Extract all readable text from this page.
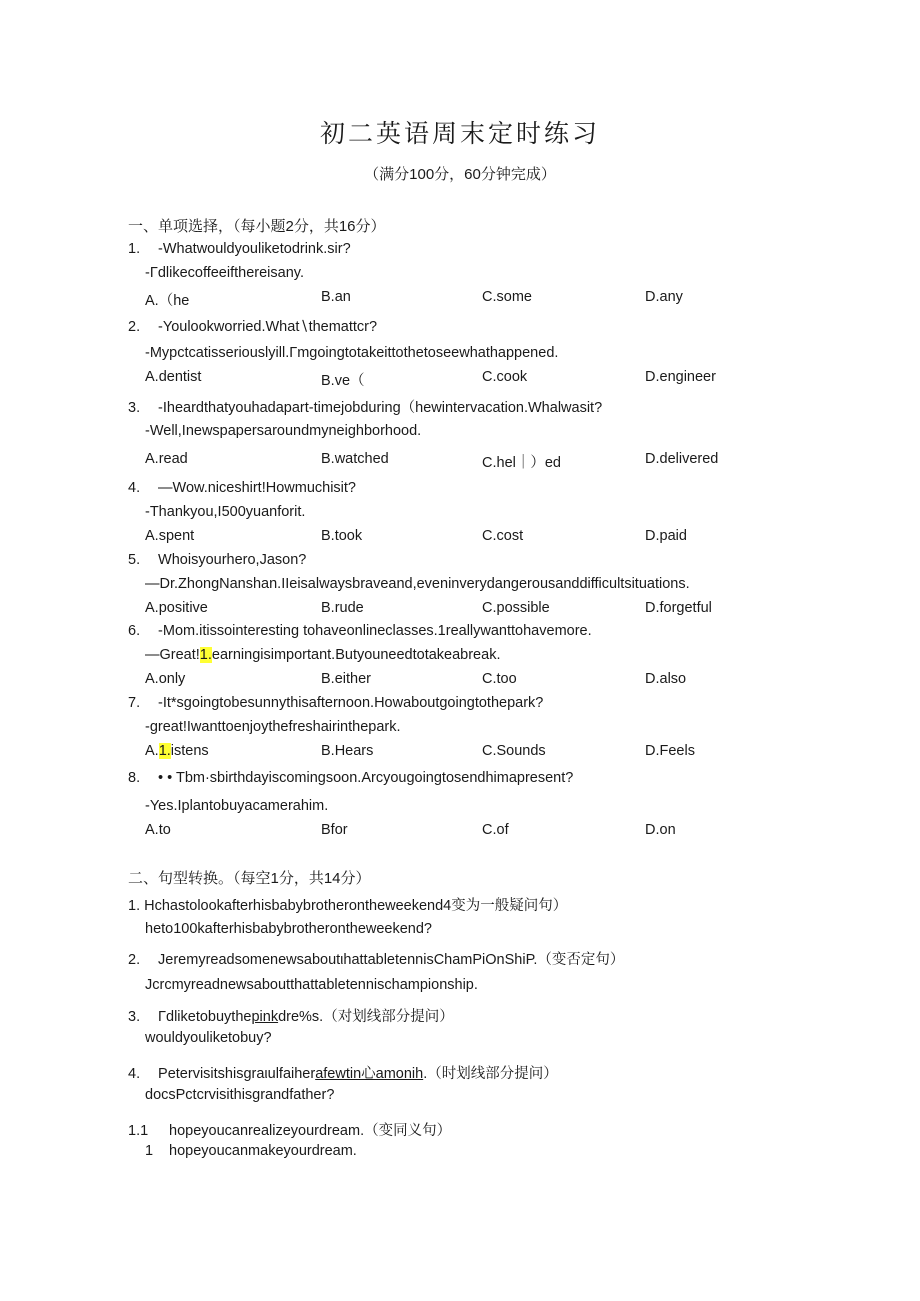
初二英语周末定时练习
（满分100分，60分钟完成）
一、单项选择，（每小题2分，共16分）
1. -Whatwouldyouliketodrink.sir?
-Γdlikecoffeeifthereisany.
A.（he	B.an	C.some	D.any
2. -Youlookworried.What∖themattcr?
-Mypctcatisseriouslyill.Γmgoingtotakeittothetoseewhathappened.
A.dentist	B.ve（	C.cook	D.engineer
3. -Iheardthatyouhadapart-timejobduring（hewintervacation.Whalwasit?
-Well,Inewspapersaroundmyneighborhood.
A.read	B.watched	C.hel｜）ed	D.delivered
4. —Wow.niceshirt!Howmuchisit?
-Thankyou,I500yuanforit.
A.spent	B.took	C.cost	D.paid
5. Whoisyourhero,Jason?
—Dr.ZhongNanshan.IIeisalwaysbraveand,eveninverydangerousanddifficultsituations.
A.positive	B.rude	C.possible	D.forgetful
6. -Mom.itissointeresting tohaveonlineclasses.1reallywanttohavemore.
—Great!1.earningisimportant.Butyouneedtotakeabreak.
A.only	B.either	C.too	D.also
7. -It*sgoingtobesunnythisafternoon.Howaboutgoingtothepark?
-great!Iwanttoenjoythefreshairinthepark.
A.1.istens	B.Hears	C.Sounds	D.Feels
8. • • Tbm·sbirthdayiscomingsoon.Arcyougoingtosendhimapresent?
-Yes.Iplantobuyacamerahim.
A.to	Bfor	C.of	D.on
二、句型转换。（每空1分，共14分）
1. Hchastolookafterhisbabybrotherontheweekend4变为一般疑问句）
heto100kafterhisbabybrotherontheweekend?
2. JeremyreadsomenewsaboutιhattabletennisChamPiOnShiP.（变否定句）
Jcrcmyreadnewsaboutthattabletennischampionship.
3. Γdliketobuythepinkdre%s.（对划线部分提问）
wouldyouliketobuy?
4. Petervisitshisgraιulfaiherafewtin心amonih.（时划线部分提问）
docsPctcrvisithisgrandfather?
1.1 hopeyoucanrealizeyourdream.（变同义句）
1 hopeyoucanmakeyourdream.
